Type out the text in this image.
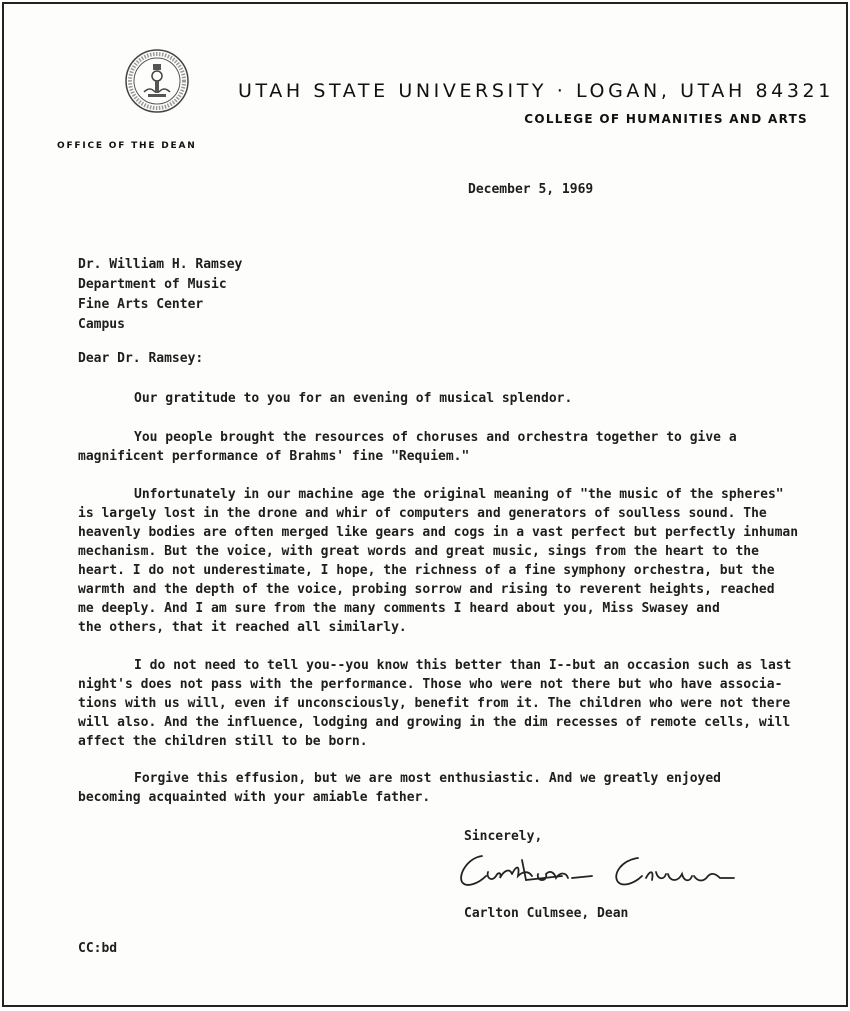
UTAH STATE UNIVERSITY · LOGAN, UTAH 84321
COLLEGE OF HUMANITIES AND ARTS
OFFICE OF THE DEAN
December 5, 1969
Dr. William H. Ramsey
Department of Music
Fine Arts Center
Campus
Dear Dr. Ramsey:
Our gratitude to you for an evening of musical splendor.
You people brought the resources of choruses and orchestra together to give a
magnificent performance of Brahms' fine "Requiem."
Unfortunately in our machine age the original meaning of "the music of the spheres"
is largely lost in the drone and whir of computers and generators of soulless sound. The
heavenly bodies are often merged like gears and cogs in a vast perfect but perfectly inhuman
mechanism. But the voice, with great words and great music, sings from the heart to the
heart. I do not underestimate, I hope, the richness of a fine symphony orchestra, but the
warmth and the depth of the voice, probing sorrow and rising to reverent heights, reached
me deeply. And I am sure from the many comments I heard about you, Miss Swasey and
the others, that it reached all similarly.
I do not need to tell you--you know this better than I--but an occasion such as last
night's does not pass with the performance. Those who were not there but who have associa-
tions with us will, even if unconsciously, benefit from it. The children who were not there
will also. And the influence, lodging and growing in the dim recesses of remote cells, will
affect the children still to be born.
Forgive this effusion, but we are most enthusiastic. And we greatly enjoyed
becoming acquainted with your amiable father.
Sincerely,
Carlton Culmsee, Dean
CC:bd
